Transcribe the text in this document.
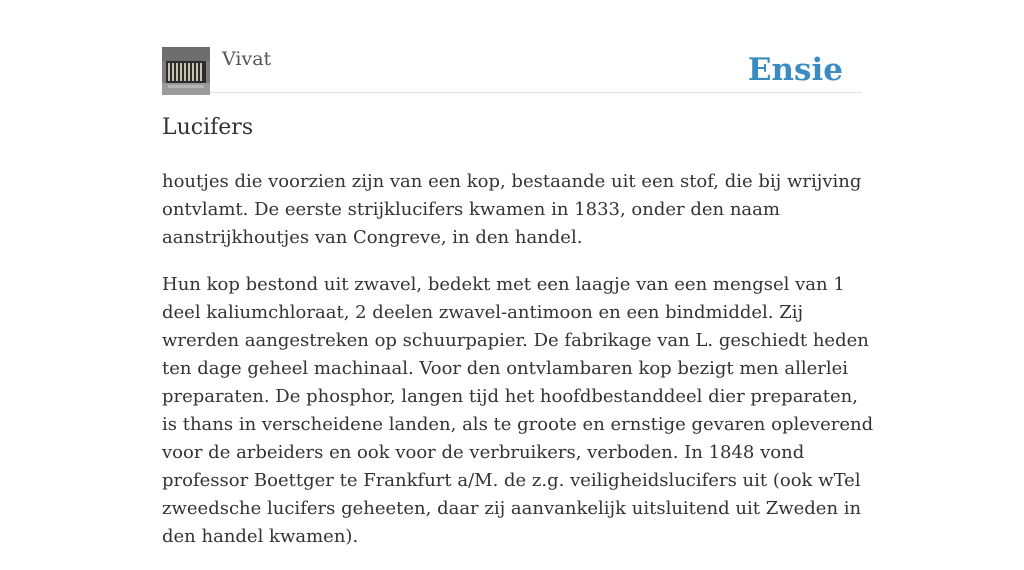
Vivat	Ensie
Lucifers

houtjes die voorzien zijn van een kop, bestaande uit een stof, die bij wrijving ontvlamt. De eerste strijklucifers kwamen in 1833, onder den naam aanstrijkhoutjes van Congreve, in den handel.

Hun kop bestond uit zwavel, bedekt met een laagje van een mengsel van 1 deel kaliumchloraat, 2 deelen zwavel-antimoon en een bindmiddel. Zij wrerden aangestreken op schuurpapier. De fabrikage van L. geschiedt heden ten dage geheel machinaal. Voor den ontvlambaren kop bezigt men allerlei preparaten. De phosphor, langen tijd het hoofdbestanddeel dier preparaten, is thans in verscheidene landen, als te groote en ernstige gevaren opleverend voor de arbeiders en ook voor de verbruikers, verboden. In 1848 vond professor Boettger te Frankfurt a/M. de z.g. veiligheidslucifers uit (ook wTel zweedsche lucifers geheeten, daar zij aanvankelijk uitsluitend uit Zweden in den handel kwamen).
